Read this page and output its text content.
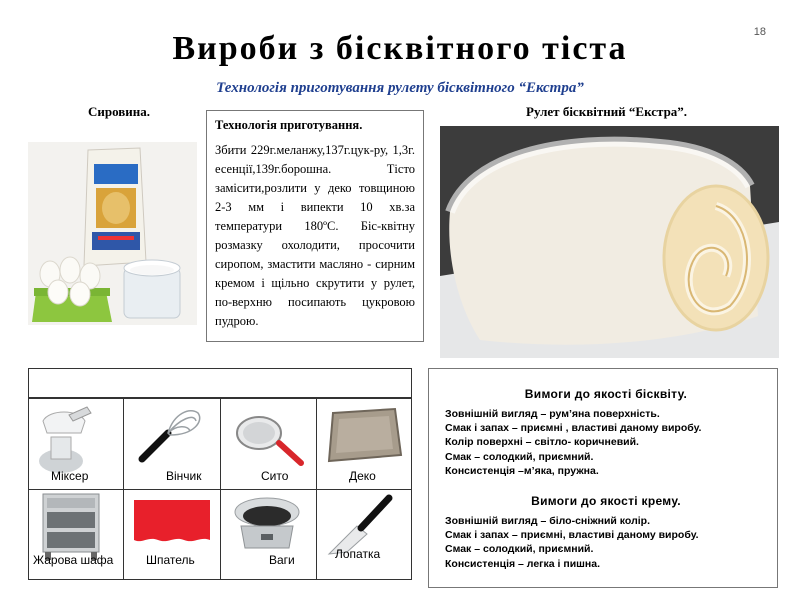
18
Вироби з бісквітного тіста
Технологія приготування рулету бісквітного “Екстра”
Сировина.	Рулет бісквітний “Екстра”.
Технологія приготування.
Збити 229г.меланжу,137г.цук-ру, 1,3г. есенції,139г.борошна. Тісто замісити,розлити у деко товщиною 2-3 мм і випекти 10 хв.за температури 180ºС. Біс-квітну розмазку охолодити, просочити сиропом, змастити масляно - сирним кремом і щільно скрутити у рулет, по-верхню посипають цукровою пудрою.
Міксер	Вінчик	Сито	Деко
Жарова шафа	Шпатель	Ваги	Лопатка
Вимоги до якості бісквіту.
Зовнішній вигляд – рум’яна поверхність.
Смак і запах – приємні , властиві даному виробу.
Колір поверхні – світло- коричневий.
Смак – солодкий, приємний.
Консистенція –м’яка, пружна.
Вимоги до якості крему.
Зовнішній вигляд – біло-сніжний колір.
Смак і запах – приємні, властиві даному виробу.
Смак – солодкий, приємний.
Консистенція – легка і пишна.
